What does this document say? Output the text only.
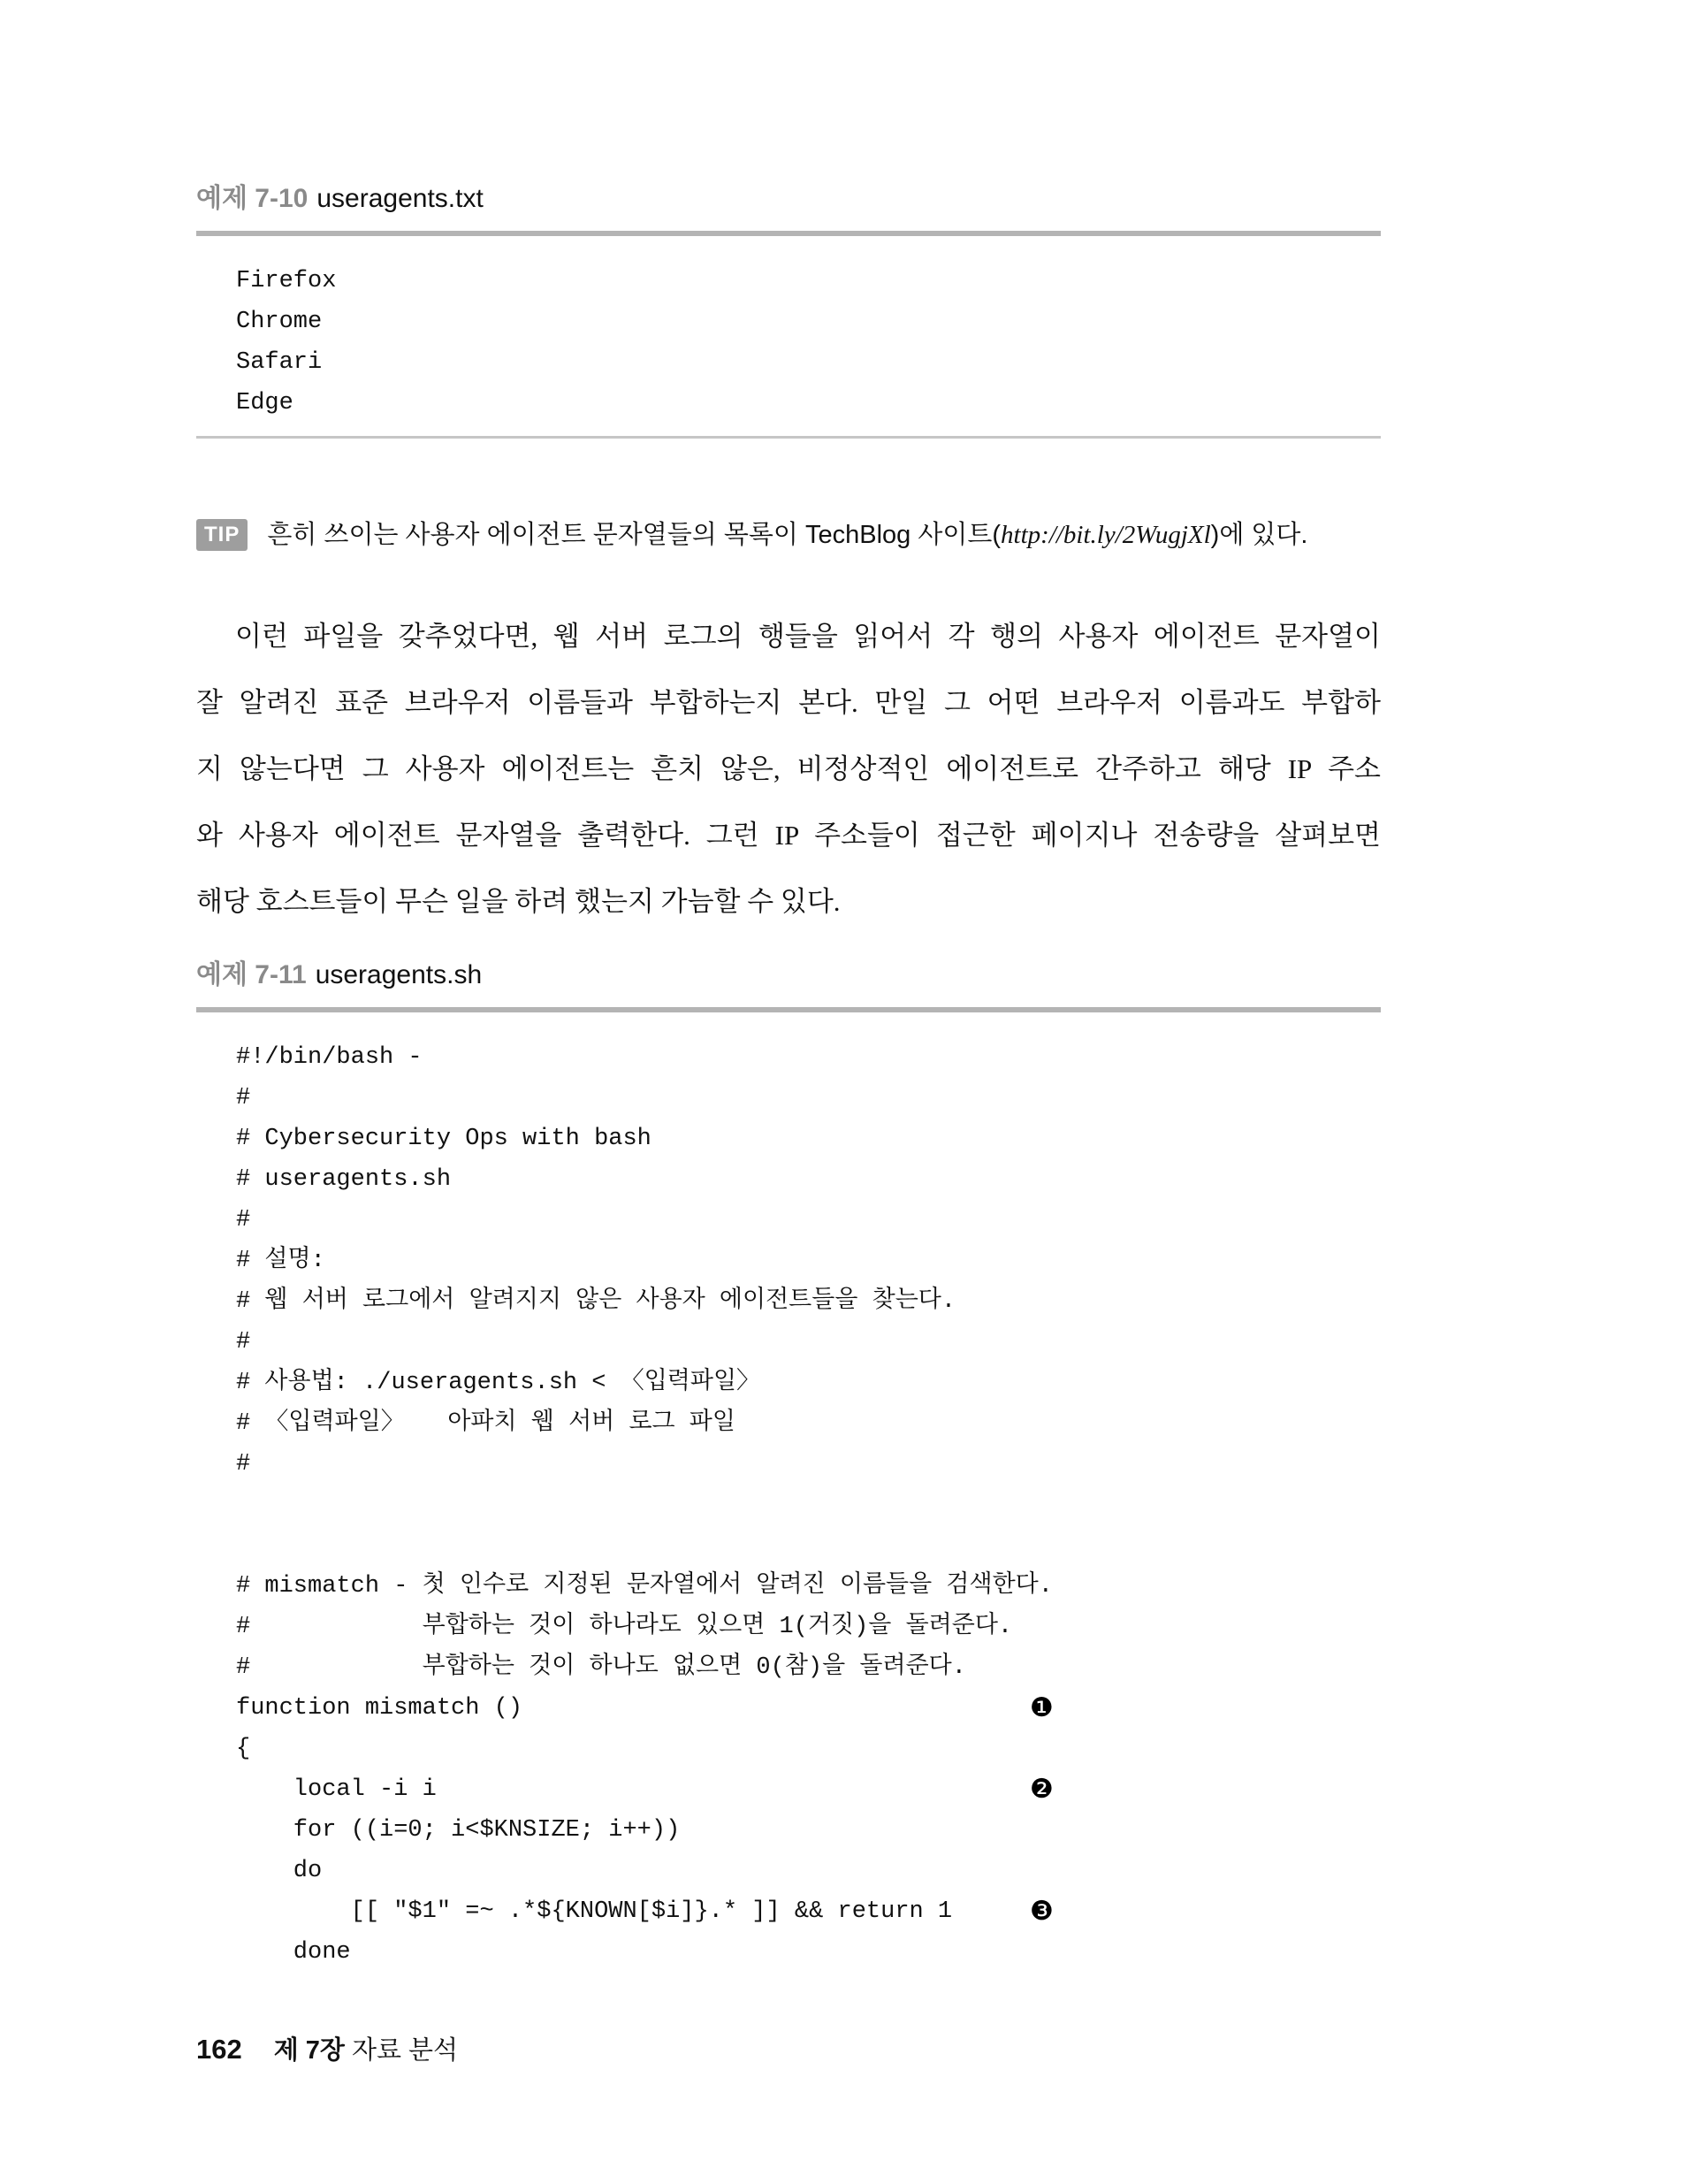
예제 7-10 useragents.txt
Firefox
Chrome
Safari
Edge
TIP	흔히 쓰이는 사용자 에이전트 문자열들의 목록이 TechBlog 사이트(http://bit.ly/2WugjXl)에 있다.
이런 파일을 갖추었다면, 웹 서버 로그의 행들을 읽어서 각 행의 사용자 에이전트 문자열이
잘 알려진 표준 브라우저 이름들과 부합하는지 본다. 만일 그 어떤 브라우저 이름과도 부합하
지 않는다면 그 사용자 에이전트는 흔치 않은, 비정상적인 에이전트로 간주하고 해당 IP 주소
와 사용자 에이전트 문자열을 출력한다. 그런 IP 주소들이 접근한 페이지나 전송량을 살펴보면
해당 호스트들이 무슨 일을 하려 했는지 가늠할 수 있다.
예제 7-11 useragents.sh
#!/bin/bash -
#
# Cybersecurity Ops with bash
# useragents.sh
#
# 설명:
# 웹 서버 로그에서 알려지지 않은 사용자 에이전트들을 찾는다.
#
# 사용법: ./useragents.sh < 〈입력파일〉
# 〈입력파일〉   아파치 웹 서버 로그 파일
#
# mismatch - 첫 인수로 지정된 문자열에서 알려진 이름들을 검색한다.
#            부합하는 것이 하나라도 있으면 1(거짓)을 돌려준다.
#            부합하는 것이 하나도 없으면 0(참)을 돌려준다.
function mismatch ()	❶
{
local -i i	❷
for ((i=0; i<$KNSIZE; i++))
do
[[ "$1" =~ .*${KNOWN[$i]}.* ]] && return 1	❸
done
162 제 7장 자료 분석
